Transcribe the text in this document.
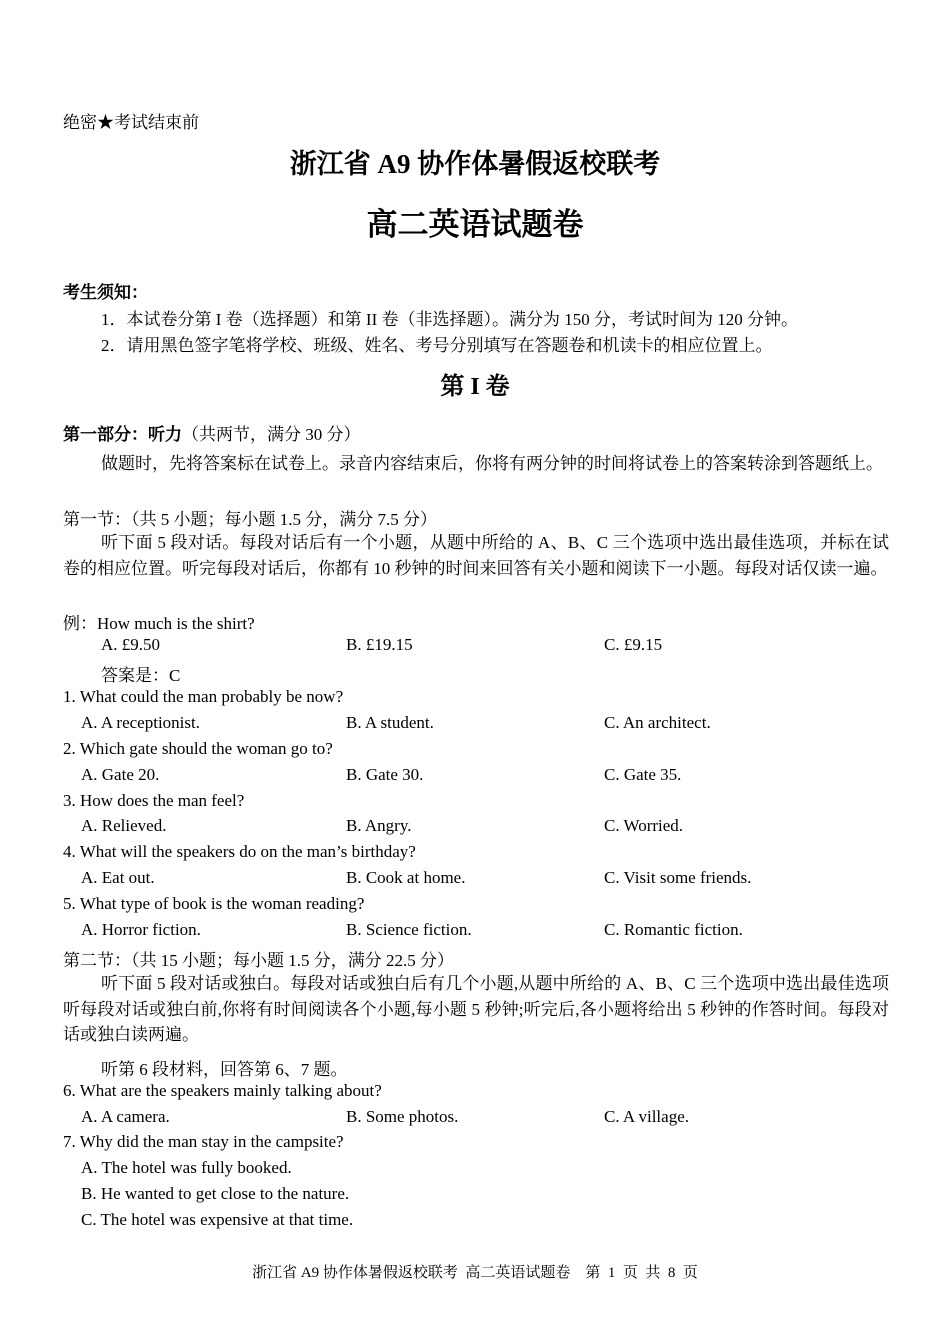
绝密★考试结束前
浙江省 A9 协作体暑假返校联考
高二英语试题卷
考生须知：
1．本试卷分第 I 卷（选择题）和第 II 卷（非选择题）。满分为 150 分，考试时间为 120 分钟。
2．请用黑色签字笔将学校、班级、姓名、考号分别填写在答题卷和机读卡的相应位置上。
第 I 卷
第一部分：听力（共两节，满分 30 分）
做题时，先将答案标在试卷上。录音内容结束后，你将有两分钟的时间将试卷上的答案转涂到答题纸上。
第一节：（共 5 小题；每小题 1.5 分，满分 7.5 分）
听下面 5 段对话。每段对话后有一个小题，从题中所给的 A、B、C 三个选项中选出最佳选项，并标在试卷的相应位置。听完每段对话后，你都有 10 秒钟的时间来回答有关小题和阅读下一小题。每段对话仅读一遍。
例：How much is the shirt?
A. £9.50	B. £19.15	C. £9.15
答案是：C
1. What could the man probably be now?
A. A receptionist.	B. A student.	C. An architect.
2. Which gate should the woman go to?
A. Gate 20.	B. Gate 30.	C. Gate 35.
3. How does the man feel?
A. Relieved.	B. Angry.	C. Worried.
4. What will the speakers do on the man’s birthday?
A. Eat out.	B. Cook at home.	C. Visit some friends.
5. What type of book is the woman reading?
A. Horror fiction.	B. Science fiction.	C. Romantic fiction.
第二节：（共 15 小题；每小题 1.5 分，满分 22.5 分）
听下面 5 段对话或独白。每段对话或独白后有几个小题,从题中所给的 A、B、C 三个选项中选出最佳选项听每段对话或独白前,你将有时间阅读各个小题,每小题 5 秒钟;听完后,各小题将给出 5 秒钟的作答时间。每段对话或独白读两遍。
听第 6 段材料，回答第 6、7 题。
6. What are the speakers mainly talking about?
A. A camera.	B. Some photos.	C. A village.
7. Why did the man stay in the campsite?
A. The hotel was fully booked.
B. He wanted to get close to the nature.
C. The hotel was expensive at that time.
浙江省 A9 协作体暑假返校联考  高二英语试题卷    第  1  页  共  8  页
